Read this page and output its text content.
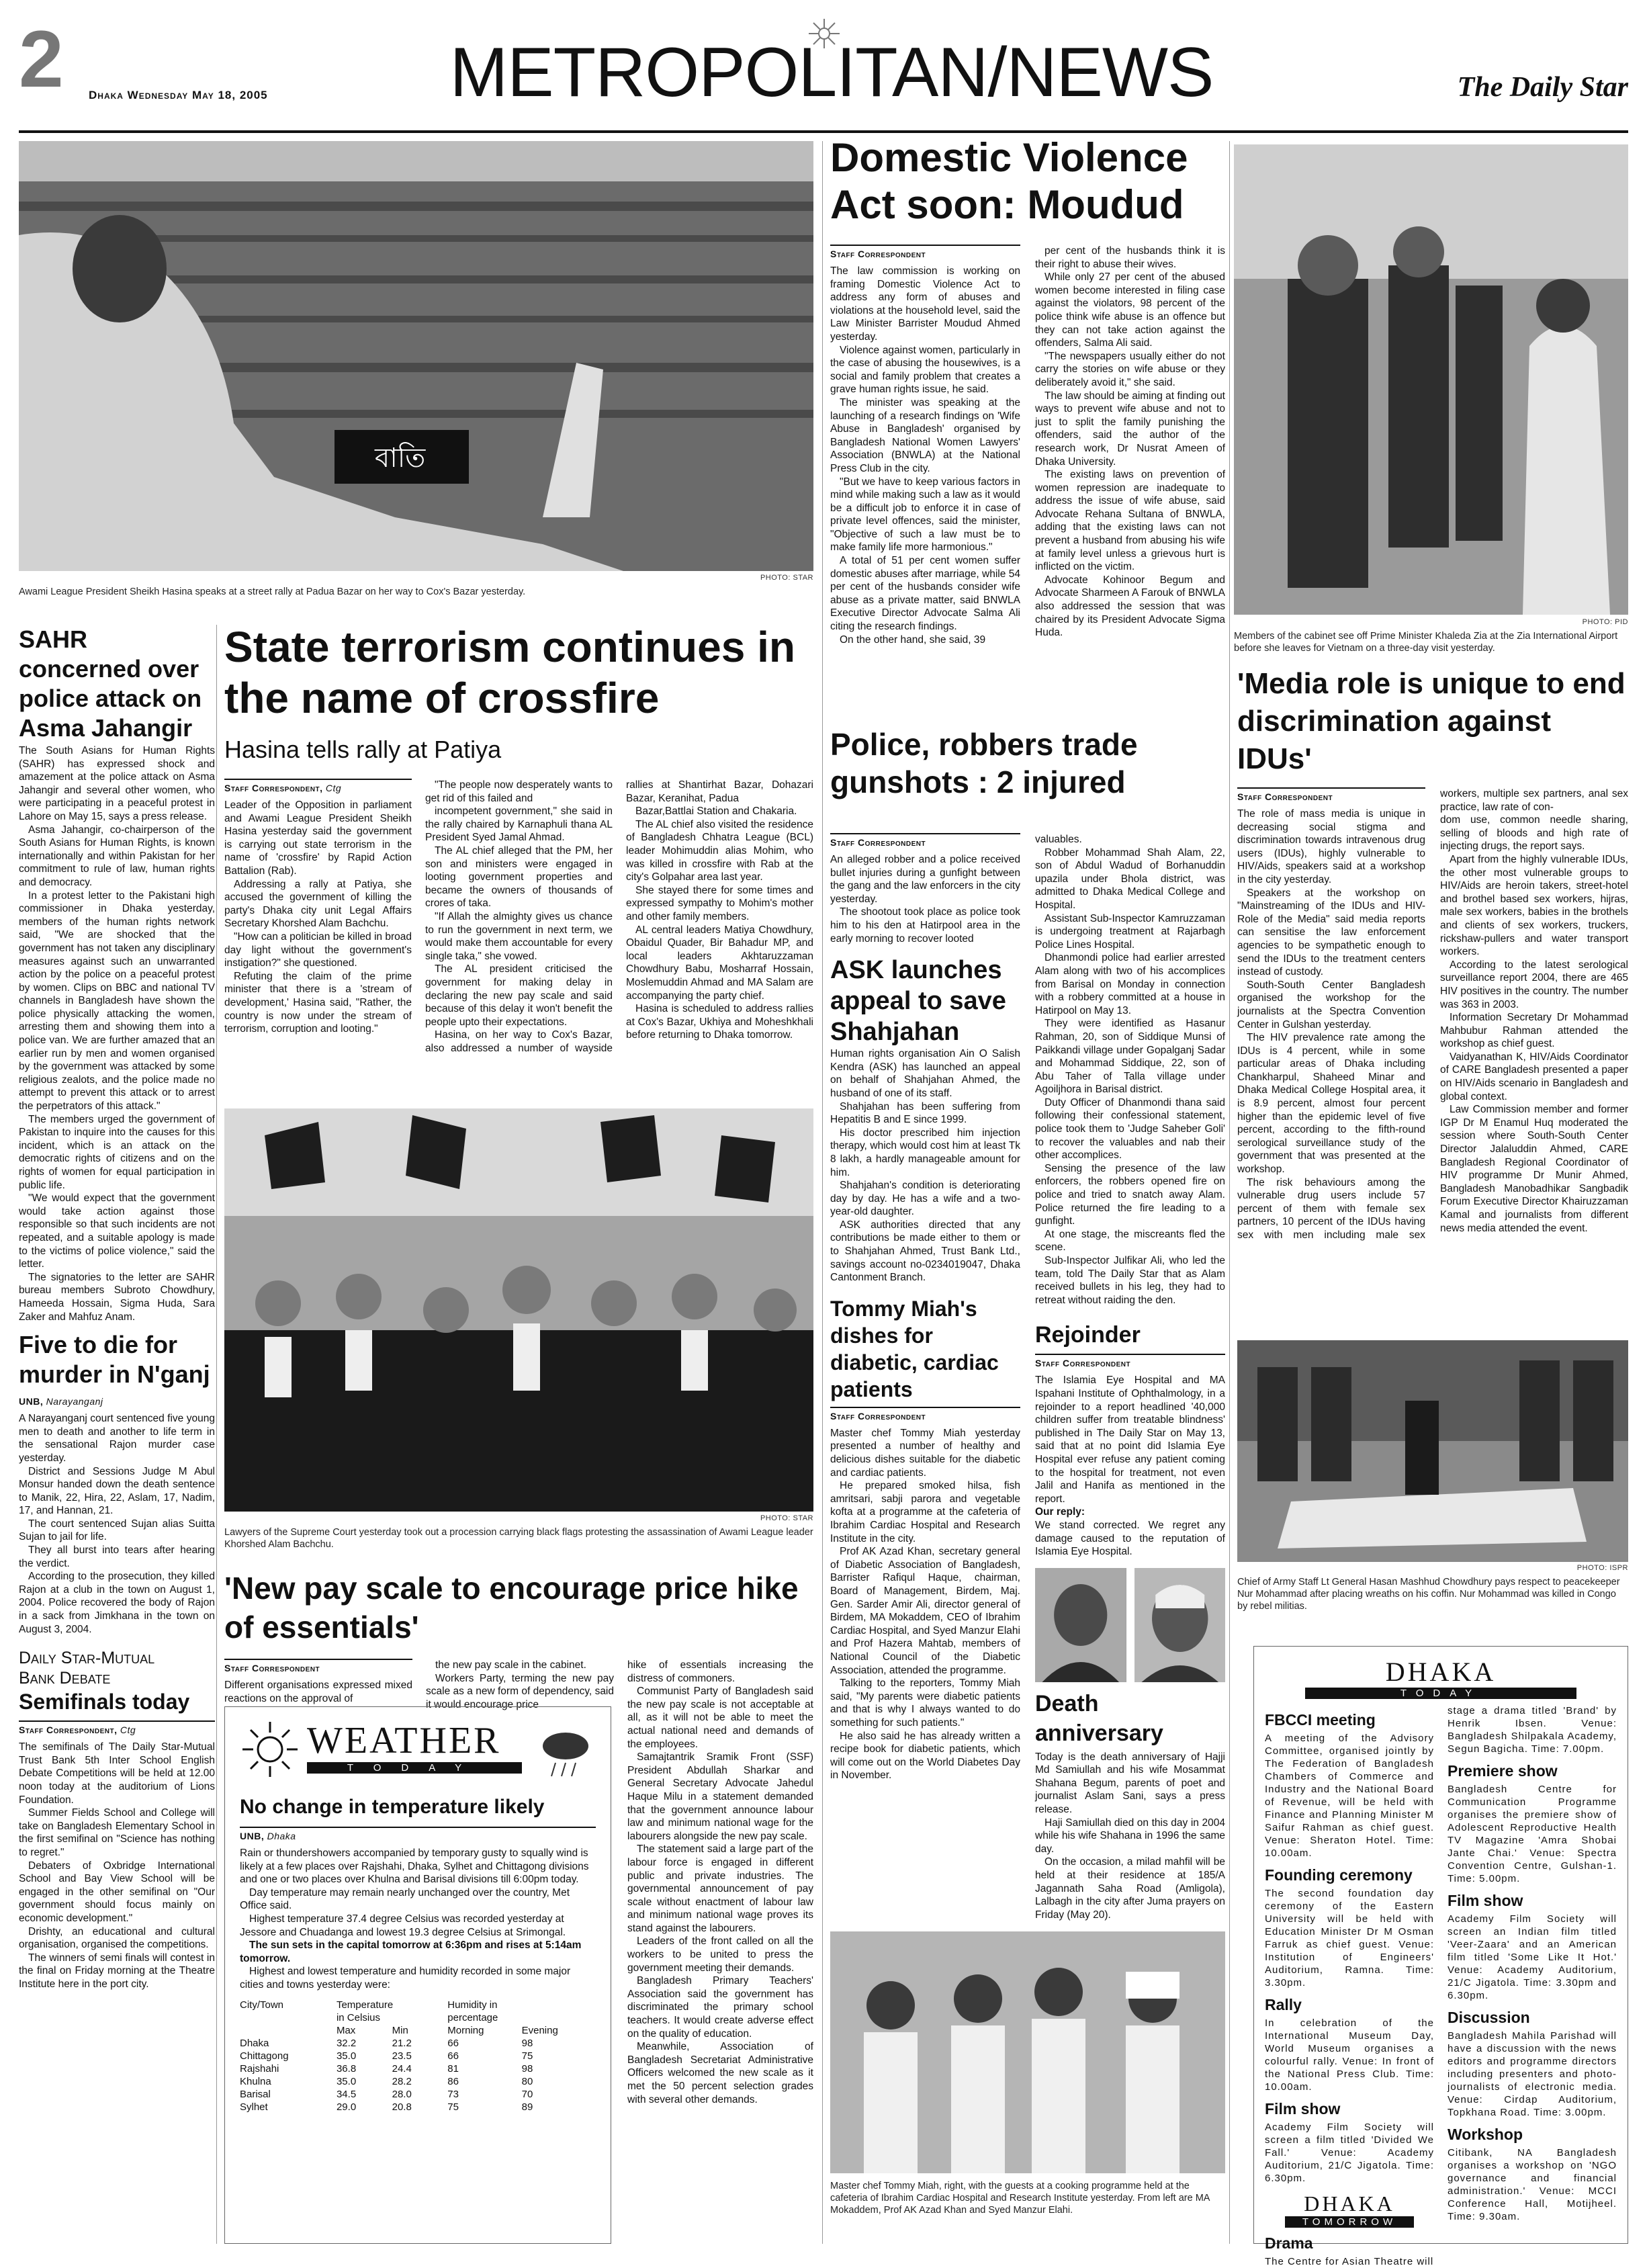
2 Dhaka Wednesday May 18, 2005	METROPOLITAN/NEWS	The Daily Star
বাতি
PHOTO: STAR
Awami League President Sheikh Hasina speaks at a street rally at Padua Bazar on her way to Cox's Bazar yesterday.
Domestic Violence Act soon: Moudud
Staff Correspondent

The law commission is working on framing Domestic Violence Act to address any form of abuses and violations at the household level, said the Law Minister Barrister Moudud Ahmed yesterday.

Violence against women, particularly in the case of abusing the housewives, is a social and family problem that creates a grave human rights issue, he said.

The minister was speaking at the launching of a research findings on 'Wife Abuse in Bangladesh' organised by Bangladesh National Women Lawyers' Association (BNWLA) at the National Press Club in the city.

"But we have to keep various factors in mind while making such a law as it would be a difficult job to enforce it in case of private level offences, said the minister, "Objective of such a law must be to make family life more harmonious."

A total of 51 per cent women suffer domestic abuses after marriage, while 54 per cent of the husbands consider wife abuse as a private matter, said BNWLA Executive Director Advocate Salma Ali citing the research findings.

On the other hand, she said, 39

per cent of the husbands think it is their right to abuse their wives.

While only 27 per cent of the abused women become interested in filing case against the violators, 98 percent of the police think wife abuse is an offence but they can not take action against the offenders, Salma Ali said.

"The newspapers usually either do not carry the stories on wife abuse or they deliberately avoid it," she said.

The law should be aiming at finding out ways to prevent wife abuse and not to just to split the family punishing the offenders, said the author of the research work, Dr Nusrat Ameen of Dhaka University.

The existing laws on prevention of women repression are inadequate to address the issue of wife abuse, said Advocate Rehana Sultana of BNWLA, adding that the existing laws can not prevent a husband from abusing his wife at family level unless a grievous hurt is inflicted on the victim.

Advocate Kohinoor Begum and Advocate Sharmeen A Farouk of BNWLA also addressed the session that was chaired by its President Advocate Sigma Huda.

PHOTO: PID
Members of the cabinet see off Prime Minister Khaleda Zia at the Zia International Airport before she leaves for Vietnam on a three-day visit yesterday.
SAHR concerned over police attack on Asma Jahangir

The South Asians for Human Rights (SAHR) has expressed shock and amazement at the police attack on Asma Jahangir and several other women, who were participating in a peaceful protest in Lahore on May 15, says a press release.

Asma Jahangir, co-chairperson of the South Asians for Human Rights, is known internationally and within Pakistan for her commitment to rule of law, human rights and democracy.

In a protest letter to the Pakistani high commissioner in Dhaka yesterday, members of the human rights network said, "We are shocked that the government has not taken any disciplinary measures against such an unwarranted action by the police on a peaceful protest by women. Clips on BBC and national TV channels in Bangladesh have shown the police physically attacking the women, arresting them and showing them into a police van. We are further amazed that an earlier run by men and women organised by the government was attacked by some religious zealots, and the police made no attempt to prevent this attack or to arrest the perpetrators of this attack."

The members urged the government of Pakistan to inquire into the causes for this incident, which is an attack on the democratic rights of citizens and on the rights of women for equal participation in public life.

"We would expect that the government would take action against those responsible so that such incidents are not repeated, and a suitable apology is made to the victims of police violence," said the letter.

The signatories to the letter are SAHR bureau members Subroto Chowdhury, Hameeda Hossain, Sigma Huda, Sara Zaker and Mahfuz Anam.

Five to die for murder in N'ganj
UNB, Narayanganj

A Narayanganj court sentenced five young men to death and another to life term in the sensational Rajon murder case yesterday.

District and Sessions Judge M Abul Monsur handed down the death sentence to Manik, 22, Hira, 22, Aslam, 17, Nadim, 17, and Hannan, 21.

The court sentenced Sujan alias Suitta Sujan to jail for life.

They all burst into tears after hearing the verdict.

According to the prosecution, they killed Rajon at a club in the town on August 1, 2004. Police recovered the body of Rajon in a sack from Jimkhana in the town on August 3, 2004.

Daily Star-Mutual
Bank Debate
Semifinals today
Staff Correspondent, Ctg

The semifinals of The Daily Star-Mutual Trust Bank 5th Inter School English Debate Competitions will be held at 12.00 noon today at the auditorium of Lions Foundation.

Summer Fields School and College will take on Bangladesh Elementary School in the first semifinal on "Science has nothing to regret."

Debaters of Oxbridge International School and Bay View School will be engaged in the other semifinal on "Our government should focus mainly on economic development."

Drishty, an educational and cultural organisation, organised the competitions.

The winners of semi finals will contest in the final on Friday morning at the Theatre Institute here in the port city.

State terrorism continues in the name of crossfire
Hasina tells rally at Patiya
Staff Correspondent, Ctg

Leader of the Opposition in parliament and Awami League President Sheikh Hasina yesterday said the government is carrying out state terrorism in the name of 'crossfire' by Rapid Action Battalion (Rab).

Addressing a rally at Patiya, she accused the government of killing the party's Dhaka city unit Legal Affairs Secretary Khorshed Alam Bachchu.

"How can a politician be killed in broad day light without the government's instigation?" she questioned.

Refuting the claim of the prime minister that there is a 'stream of development,' Hasina said, "Rather, the country is now under the stream of terrorism, corruption and looting."

"The people now desperately wants to get rid of this failed and

incompetent government," she said in the rally chaired by Karnaphuli thana AL President Syed Jamal Ahmad.

The AL chief alleged that the PM, her son and ministers were engaged in looting government properties and became the owners of thousands of crores of taka.

"If Allah the almighty gives us chance to run the government in next term, we would make them accountable for every single taka," she vowed.

The AL president criticised the government for making delay in declaring the new pay scale and said because of this delay it won't benefit the people upto their expectations.

Hasina, on her way to Cox's Bazar, also addressed a number of wayside rallies at Shantirhat Bazar, Dohazari Bazar, Keranihat, Padua

Bazar,Battlai Station and Chakaria.

The AL chief also visited the residence of Bangladesh Chhatra League (BCL) leader Mohimuddin alias Mohim, who was killed in crossfire with Rab at the city's Golpahar area last year.

She stayed there for some times and expressed sympathy to Mohim's mother and other family members.

AL central leaders Matiya Chowdhury, Obaidul Quader, Bir Bahadur MP, and local leaders Akhtaruzzaman Chowdhury Babu, Mosharraf Hossain, Moslemuddin Ahmad and MA Salam are accompanying the party chief.

Hasina is scheduled to address rallies at Cox's Bazar, Ukhiya and Moheshkhali before returning to Dhaka tomorrow.

PHOTO: STAR
Lawyers of the Supreme Court yesterday took out a procession carrying black flags protesting the assassination of Awami League leader Khorshed Alam Bachchu.
'New pay scale to encourage price hike of essentials'
Staff Correspondent

Different organisations expressed mixed reactions on the approval of

the new pay scale in the cabinet.

Workers Party, terming the new pay scale as a new form of dependency, said it would encourage price

hike of essentials increasing the distress of commoners.

Communist Party of Bangladesh said the new pay scale is not acceptable at all, as it will not be able to meet the actual national need and demands of the employees.

Samajtantrik Sramik Front (SSF) President Abdullah Sharkar and General Secretary Advocate Jahedul Haque Milu in a statement demanded that the government announce labour law and minimum national wage for the labourers alongside the new pay scale.

The statement said a large part of the labour force is engaged in different public and private industries. The governmental announcement of pay scale without enactment of labour law and minimum national wage proves its stand against the labourers.

Leaders of the front called on all the workers to be united to press the government meeting their demands.

Bangladesh Primary Teachers' Association said the government has discriminated the primary school teachers. It would create adverse effect on the quality of education.

Meanwhile, Association of Bangladesh Secretariat Administrative Officers welcomed the new scale as it met the 50 percent selection grades with several other demands.

WEATHER
TODAY
No change in temperature likely
UNB, Dhaka

Rain or thundershowers accompanied by temporary gusty to squally wind is likely at a few places over Rajshahi, Dhaka, Sylhet and Chittagong divisions and one or two places over Khulna and Barisal divisions till 6:00pm today.

Day temperature may remain nearly unchanged over the country, Met Office said.

Highest temperature 37.4 degree Celsius was recorded yesterday at Jessore and Chuadanga and lowest 19.3 degree Celsius at Srimongal.

The sun sets in the capital tomorrow at 6:36pm and rises at 5:14am tomorrow.

Highest and lowest temperature and humidity recorded in some major cities and towns yesterday were:

City/Town	Temperature		Humidity in	
	in Celsius		percentage	
	Max	Min	Morning	Evening
Dhaka	32.2	21.2	66	98
Chittagong	35.0	23.5	66	75
Rajshahi	36.8	24.4	81	98
Khulna	35.0	28.2	86	80
Barisal	34.5	28.0	73	70
Sylhet	29.0	20.8	75	89
Police, robbers trade gunshots : 2 injured
Staff Correspondent

An alleged robber and a police received bullet injuries during a gunfight between the gang and the law enforcers in the city yesterday.

The shootout took place as police took him to his den at Hatirpool area in the early morning to recover looted

ASK launches appeal to save Shahjahan

Human rights organisation Ain O Salish Kendra (ASK) has launched an appeal on behalf of Shahjahan Ahmed, the husband of one of its staff.

Shahjahan has been suffering from Hepatitis B and E since 1999.

His doctor prescribed him injection therapy, which would cost him at least Tk 8 lakh, a hardly manageable amount for him.

Shahjahan's condition is deteriorating day by day. He has a wife and a two-year-old daughter.

ASK authorities directed that any contributions be made either to them or to Shahjahan Ahmed, Trust Bank Ltd., savings account no-0234019047, Dhaka Cantonment Branch.

Tommy Miah's dishes for diabetic, cardiac patients
Staff Correspondent

Master chef Tommy Miah yesterday presented a number of healthy and delicious dishes suitable for the diabetic and cardiac patients.

He prepared smoked hilsa, fish amritsari, sabji parora and vegetable kofta at a programme at the cafeteria of Ibrahim Cardiac Hospital and Research Institute in the city.

Prof AK Azad Khan, secretary general of Diabetic Association of Bangladesh, Barrister Rafiqul Haque, chairman, Board of Management, Birdem, Maj. Gen. Sarder Amir Ali, director general of Birdem, MA Mokaddem, CEO of Ibrahim Cardiac Hospital, and Syed Manzur Elahi and Prof Hazera Mahtab, members of National Council of the Diabetic Association, attended the programme.

Talking to the reporters, Tommy Miah said, "My parents were diabetic patients and that is why I always wanted to do something for such patients."

He also said he has already written a recipe book for diabetic patients, which will come out on the World Diabetes Day in November.

valuables.

Robber Mohammad Shah Alam, 22, son of Abdul Wadud of Borhanuddin upazila under Bhola district, was admitted to Dhaka Medical College and Hospital.

Assistant Sub-Inspector Kamruzzaman is undergoing treatment at Rajarbagh Police Lines Hospital.

Dhanmondi police had earlier arrested Alam along with two of his accomplices from Barisal on Monday in connection with a robbery committed at a house in Hatirpool on May 13.

They were identified as Hasanur Rahman, 20, son of Siddique Munsi of Paikkandi village under Gopalganj Sadar and Mohammad Siddique, 22, son of Abu Taher of Talla village under Agoiljhora in Barisal district.

Duty Officer of Dhanmondi thana said following their confessional statement, police took them to 'Judge Saheber Goli' to recover the valuables and nab their other accomplices.

Sensing the presence of the law enforcers, the robbers opened fire on police and tried to snatch away Alam. Police returned the fire leading to a gunfight.

At one stage, the miscreants fled the scene.

Sub-Inspector Julfikar Ali, who led the team, told The Daily Star that as Alam received bullets in his leg, they had to retreat without raiding the den.

Rejoinder
Staff Correspondent

The Islamia Eye Hospital and MA Ispahani Institute of Ophthalmology, in a rejoinder to a report headlined '40,000 children suffer from treatable blindness' published in The Daily Star on May 13, said that at no point did Islamia Eye Hospital ever refuse any patient coming to the hospital for treatment, not even Jalil and Hanifa as mentioned in the report.

Our reply:

We stand corrected. We regret any damage caused to the reputation of Islamia Eye Hospital.

Death anniversary

Today is the death anniversary of Hajji Md Samiullah and his wife Mosammat Shahana Begum, parents of poet and journalist Aslam Sani, says a press release.

Haji Samiullah died on this day in 2004 while his wife Shahana in 1996 the same day.

On the occasion, a milad mahfil will be held at their residence at 185/A Jagannath Saha Road (Amligola), Lalbagh in the city after Juma prayers on Friday (May 20).

Master chef Tommy Miah, right, with the guests at a cooking programme held at the cafeteria of Ibrahim Cardiac Hospital and Research Institute yesterday. From left are MA Mokaddem, Prof AK Azad Khan and Syed Manzur Elahi.
'Media role is unique to end discrimination against IDUs'
Staff Correspondent

The role of mass media is unique in decreasing social stigma and discrimination towards intravenous drug users (IDUs), highly vulnerable to HIV/Aids, speakers said at a workshop in the city yesterday.

Speakers at the workshop on "Mainstreaming of the IDUs and HIV-Role of the Media" said media reports can sensitise the law enforcement agencies to be sympathetic enough to send the IDUs to the treatment centers instead of custody.

South-South Center Bangladesh organised the workshop for the journalists at the Spectra Convention Center in Gulshan yesterday.

The HIV prevalence rate among the IDUs is 4 percent, while in some particular areas of Dhaka including Chankharpul, Shaheed Minar and Dhaka Medical College Hospital area, it is 8.9 percent, almost four percent higher than the epidemic level of five percent, according to the fifth-round serological surveillance study of the government that was presented at the workshop.

The risk behaviours among the vulnerable drug users include 57 percent of them with female sex partners, 10 percent of the IDUs having sex with men including male sex workers, multiple sex partners, anal sex practice, law rate of con-

dom use, common needle sharing, selling of bloods and high rate of injecting drugs, the report says.

Apart from the highly vulnerable IDUs, the other most vulnerable groups to HIV/Aids are heroin takers, street-hotel and brothel based sex workers, hijras, male sex workers, babies in the brothels and clients of sex workers, truckers, rickshaw-pullers and water transport workers.

According to the latest serological surveillance report 2004, there are 465 HIV positives in the country. The number was 363 in 2003.

Information Secretary Dr Mohammad Mahbubur Rahman attended the workshop as chief guest.

Vaidyanathan K, HIV/Aids Coordinator of CARE Bangladesh presented a paper on HIV/Aids scenario in Bangladesh and global context.

Law Commission member and former IGP Dr M Enamul Huq moderated the session where South-South Center Director Jalaluddin Ahmed, CARE Bangladesh Regional Coordinator of HIV programme Dr Munir Ahmed, Bangladesh Manobadhikar Sangbadik Forum Executive Director Khairuzzaman Kamal and journalists from different news media attended the event.

PHOTO: ISPR
Chief of Army Staff Lt General Hasan Mashhud Chowdhury pays respect to peacekeeper Nur Mohammad after placing wreaths on his coffin. Nur Mohammad was killed in Congo by rebel militias.
DHAKA
TODAY
FBCCI meeting
A meeting of the Advisory Committee, organised jointly by The Federation of Bangladesh Chambers of Commerce and Industry and the National Board of Revenue, will be held with Finance and Planning Minister M Saifur Rahman as chief guest. Venue: Sheraton Hotel. Time: 10.00am.
Founding ceremony
The second foundation day ceremony of the Eastern University will be held with Education Minister Dr M Osman Farruk as chief guest. Venue: Institution of Engineers' Auditorium, Ramna. Time: 3.30pm.
Rally
In celebration of the International Museum Day, World Museum organises a colourful rally. Venue: In front of the National Press Club. Time: 10.00am.
Film show
Academy Film Society will screen a film titled 'Divided We Fall.' Venue: Academy Auditorium, 21/C Jigatola. Time: 6.30pm.
DHAKA
TOMORROW
Drama
The Centre for Asian Theatre will
stage a drama titled 'Brand' by Henrik Ibsen. Venue: Bangladesh Shilpakala Academy, Segun Bagicha. Time: 7.00pm.
Premiere show
Bangladesh Centre for Communication Programme organises the premiere show of Adolescent Reproductive Health TV Magazine 'Amra Shobai Jante Chai.' Venue: Spectra Convention Centre, Gulshan-1. Time: 5.00pm.
Film show
Academy Film Society will screen an Indian film titled 'Veer-Zaara' and an American film titled 'Some Like It Hot.' Venue: Academy Auditorium, 21/C Jigatola. Time: 3.30pm and 6.30pm.
Discussion
Bangladesh Mahila Parishad will have a discussion with the news editors and programme directors including presenters and photo-journalists of electronic media. Venue: Cirdap Auditorium, Topkhana Road. Time: 3.00pm.
Workshop
Citibank, NA Bangladesh organises a workshop on 'NGO governance and financial administration.' Venue: MCCI Conference Hall, Motijheel. Time: 9.30am.
